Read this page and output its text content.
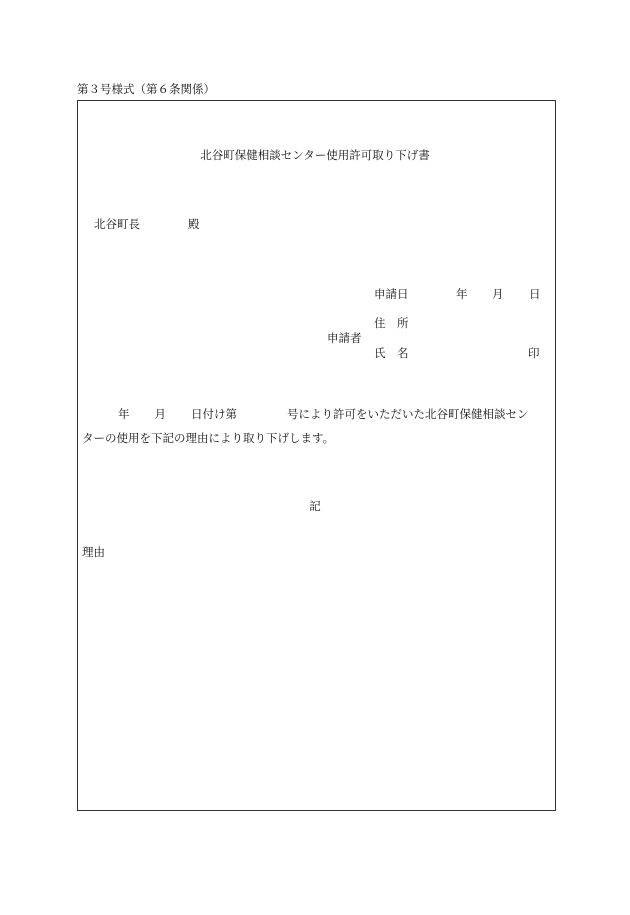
第３号様式（第６条関係）
北谷町保健相談センター使用許可取り下げ書
北谷町長	殿
申請日	年 月 日
住　所
申請者
氏　名	印
年 月 日付け第	号により許可をいただいた北谷町保健相談セン
ターの使用を下記の理由により取り下げします。
記
理由
